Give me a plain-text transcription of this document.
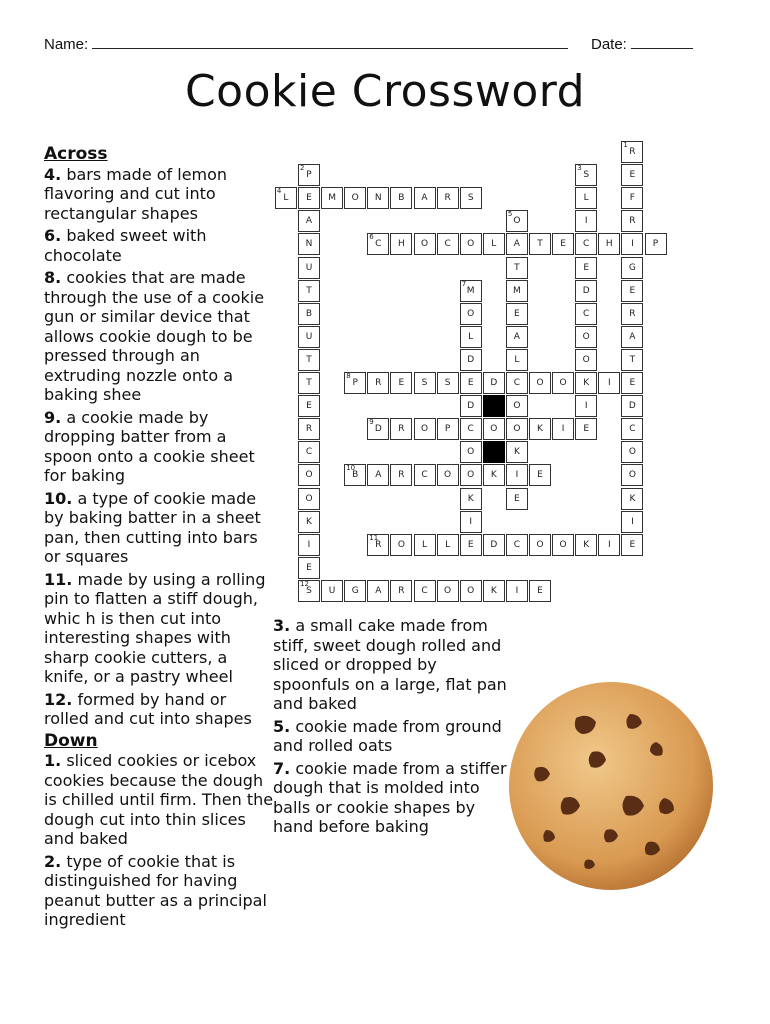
Name:	Date:
Cookie Crossword
Across
4. bars made of lemon flavoring and cut into rectangular shapes
6. baked sweet with chocolate
8. cookies that are made through the use of a cookie gun or similar device that allows cookie dough to be pressed through an extruding nozzle onto a baking shee
9. a cookie made by dropping batter from a spoon onto a cookie sheet for baking
10. a type of cookie made by baking batter in a sheet pan, then cutting into bars or squares
11. made by using a rolling pin to flatten a stiff dough, whic h is then cut into interesting shapes with sharp cookie cutters, a knife, or a pastry wheel
12. formed by hand or rolled and cut into shapes
Down
1. sliced cookies or icebox cookies because the dough is chilled until firm. Then the dough cut into thin slices and baked
2. type of cookie that is distinguished for having peanut butter as a principal ingredient
3. a small cake made from stiff, sweet dough rolled and sliced or dropped by spoonfuls on a large, flat pan and baked
5. cookie made from ground and rolled oats
7. cookie made from a stiffer dough that is molded into balls or cookie shapes by hand before baking
1
R
E
F
R
I
G
E
R
A
T
E
D
C
O
O
K
I
E
2
P
E
A
N
U
T
B
U
T
T
E
R
C
O
O
K
I
E
3
S
L
I
C
E
D
C
O
O
K
I
E
4
L	M	O	N	B	A	R	S
5
O
A
T
M
E
A
L
C
O
O
K
I
E
6
C	H	O	C	O	L	T	E	H	P
7
M
O
L
D
E
D
C
O
O
K
I
E
8
P	R	E	S	S	D	O	O	I
9
D	R	O	P	O	K	I
10
B	A	R	C	O	K	E
11
R	O	L	L	D	C	O	O	K	I
12
S	U	G	A	R	C	O	O	K	I	E
